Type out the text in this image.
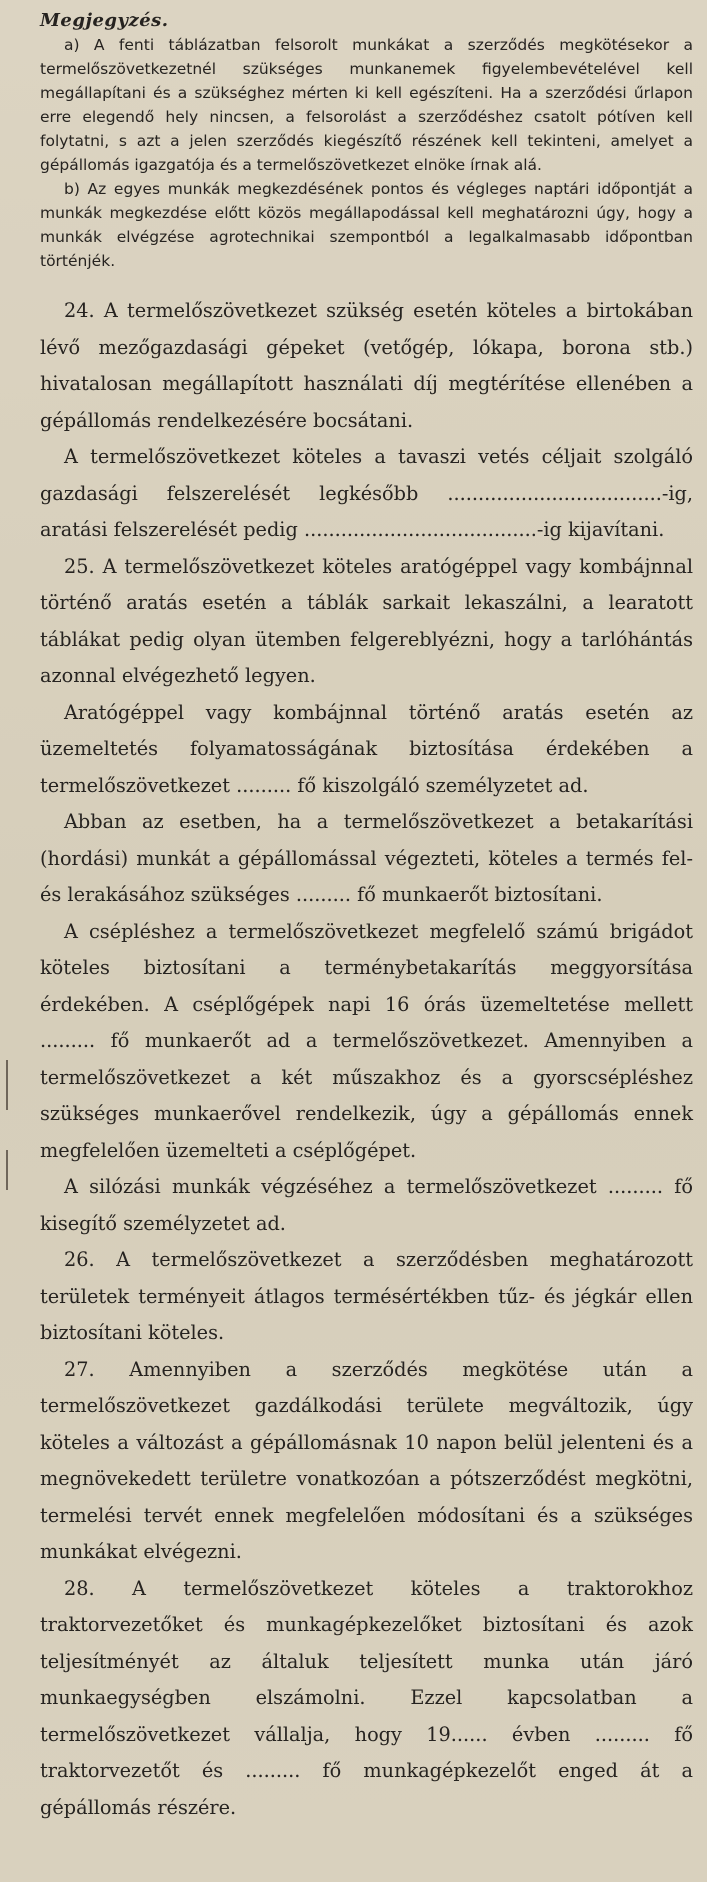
Megjegyzés.

a) A fenti táblázatban felsorolt munkákat a szerződés megkötésekor a termelőszövetkezetnél szükséges munkanemek figyelembevételével kell megállapítani és a szükséghez mérten ki kell egészíteni. Ha a szerződési űrlapon erre elegendő hely nincsen, a felsorolást a szerződéshez csatolt pótíven kell folytatni, s azt a jelen szerződés kiegészítő részének kell tekinteni, amelyet a gépállomás igazgatója és a termelőszövetkezet elnöke írnak alá.

b) Az egyes munkák megkezdésének pontos és végleges naptári időpontját a munkák megkezdése előtt közös megállapodással kell meghatározni úgy, hogy a munkák elvégzése agrotechnikai szempontból a legalkalmasabb időpontban történjék.

24. A termelőszövetkezet szükség esetén köteles a birtokában lévő mezőgazdasági gépeket (vetőgép, lókapa, borona stb.) hivatalosan megállapított használati díj megtérítése ellenében a gépállomás rendelkezésére bocsátani.

A termelőszövetkezet köteles a tavaszi vetés céljait szolgáló gazdasági felszerelését legkésőbb ...................................-ig, aratási felszerelését pedig ......................................-ig kijavítani.

25. A termelőszövetkezet köteles aratógéppel vagy kombájnnal történő aratás esetén a táblák sarkait lekaszálni, a learatott táblákat pedig olyan ütemben felgereblyézni, hogy a tarlóhántás azonnal elvégezhető legyen.

Aratógéppel vagy kombájnnal történő aratás esetén az üzemeltetés folyamatosságának biztosítása érdekében a termelőszövetkezet ......... fő kiszolgáló személyzetet ad.

Abban az esetben, ha a termelőszövetkezet a betakarítási (hordási) munkát a gépállomással végezteti, köteles a termés fel- és lerakásához szükséges ......... fő munkaerőt biztosítani.

A csépléshez a termelőszövetkezet megfelelő számú brigádot köteles biztosítani a terménybetakarítás meggyorsítása érdekében. A cséplőgépek napi 16 órás üzemeltetése mellett ......... fő munkaerőt ad a termelőszövetkezet. Amennyiben a termelőszövetkezet a két műszakhoz és a gyorscsépléshez szükséges munkaerővel rendelkezik, úgy a gépállomás ennek megfelelően üzemelteti a cséplőgépet.

A silózási munkák végzéséhez a termelőszövetkezet ......... fő kisegítő személyzetet ad.

26. A termelőszövetkezet a szerződésben meghatározott területek terményeit átlagos termésértékben tűz- és jégkár ellen biztosítani köteles.

27. Amennyiben a szerződés megkötése után a termelőszövetkezet gazdálkodási területe megváltozik, úgy köteles a változást a gépállomásnak 10 napon belül jelenteni és a megnövekedett területre vonatkozóan a pótszerződést megkötni, termelési tervét ennek megfelelően módosítani és a szükséges munkákat elvégezni.

28. A termelőszövetkezet köteles a traktorokhoz traktorvezetőket és munkagépkezelőket biztosítani és azok teljesítményét az általuk teljesített munka után járó munkaegységben elszámolni. Ezzel kapcsolatban a termelőszövetkezet vállalja, hogy 19...... évben ......... fő traktorvezetőt és ......... fő munkagépkezelőt enged át a gépállomás részére.
